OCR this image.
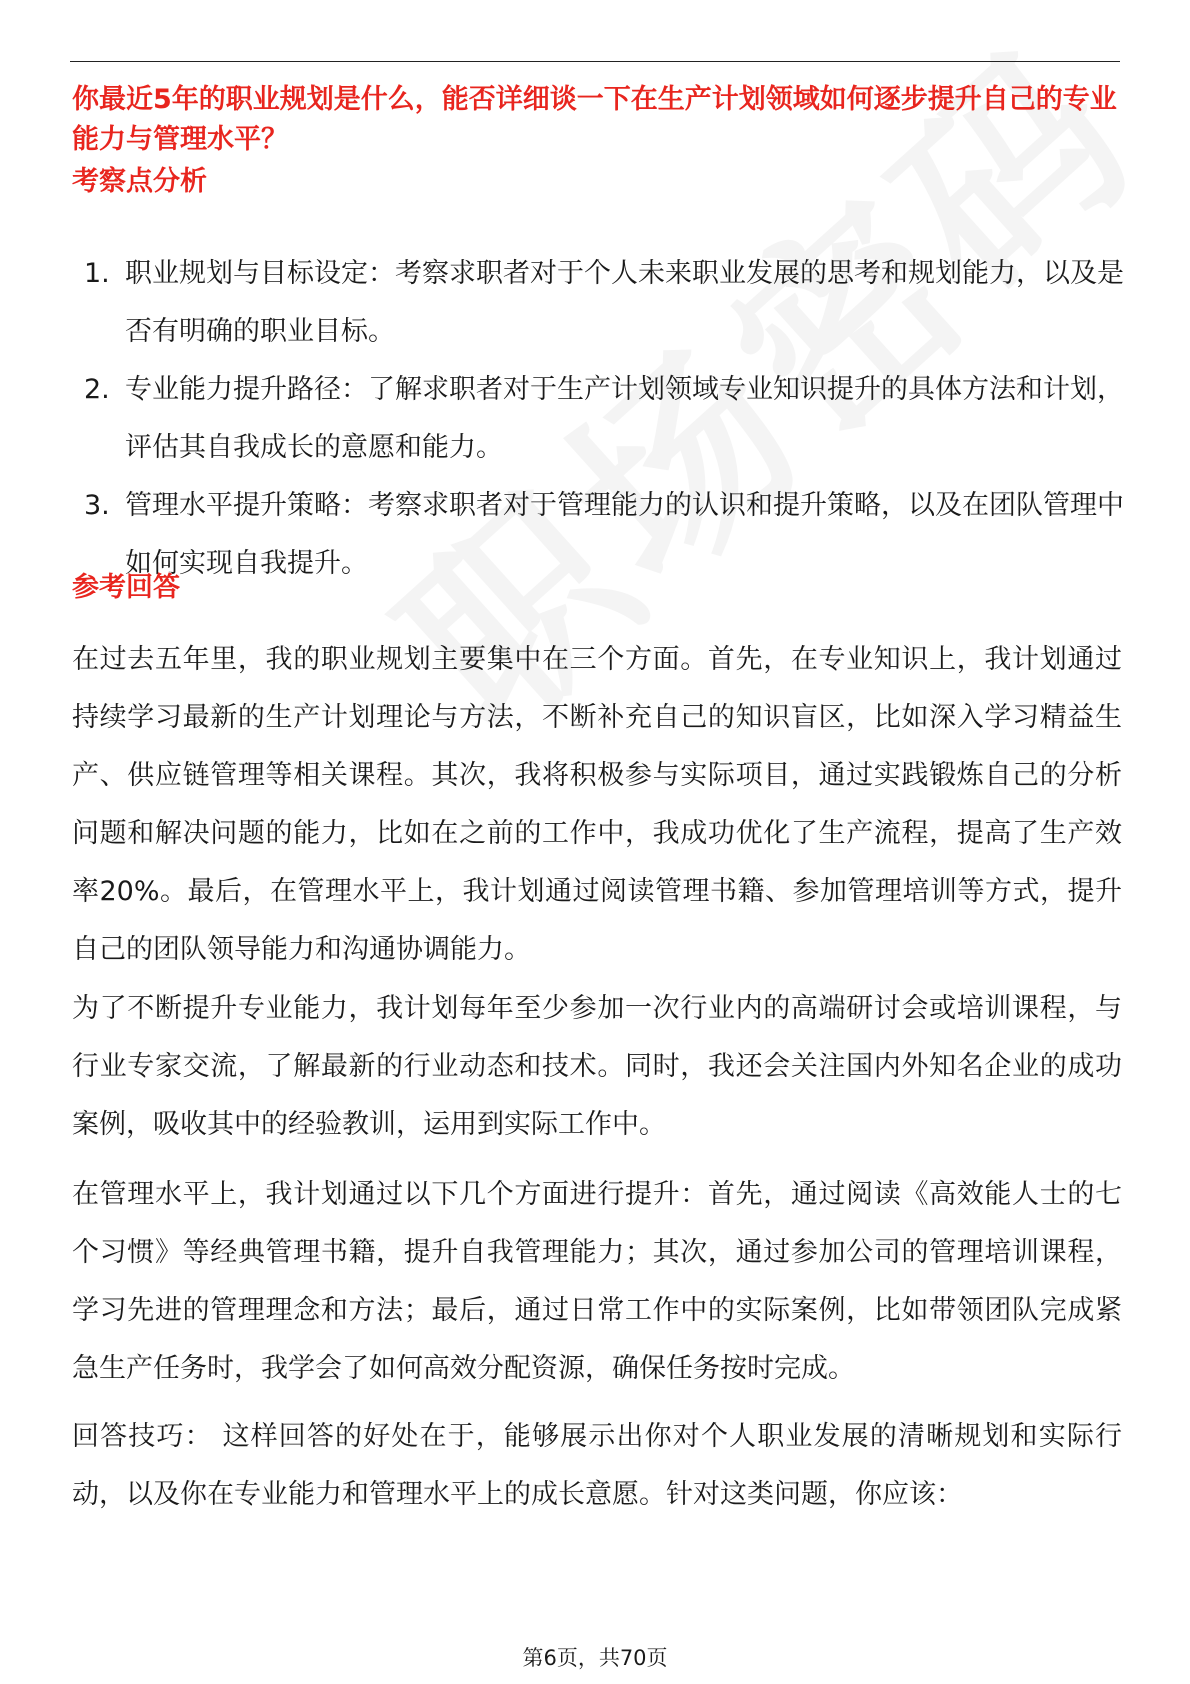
你最近5年的职业规划是什么，能否详细谈一下在生产计划领域如何逐步提升自己的专业能力与管理水平？
考察点分析
1. 职业规划与目标设定：考察求职者对于个人未来职业发展的思考和规划能力，以及是否有明确的职业目标。
2. 专业能力提升路径：了解求职者对于生产计划领域专业知识提升的具体方法和计划，评估其自我成长的意愿和能力。
3. 管理水平提升策略：考察求职者对于管理能力的认识和提升策略，以及在团队管理中如何实现自我提升。
参考回答

在过去五年里，我的职业规划主要集中在三个方面。首先，在专业知识上，我计划通过持续学习最新的生产计划理论与方法，不断补充自己的知识盲区，比如深入学习精益生产、供应链管理等相关课程。其次，我将积极参与实际项目，通过实践锻炼自己的分析问题和解决问题的能力，比如在之前的工作中，我成功优化了生产流程，提高了生产效率20%。最后，在管理水平上，我计划通过阅读管理书籍、参加管理培训等方式，提升自己的团队领导能力和沟通协调能力。

为了不断提升专业能力，我计划每年至少参加一次行业内的高端研讨会或培训课程，与行业专家交流，了解最新的行业动态和技术。同时，我还会关注国内外知名企业的成功案例，吸收其中的经验教训，运用到实际工作中。

在管理水平上，我计划通过以下几个方面进行提升：首先，通过阅读《高效能人士的七个习惯》等经典管理书籍，提升自我管理能力；其次，通过参加公司的管理培训课程，学习先进的管理理念和方法；最后，通过日常工作中的实际案例，比如带领团队完成紧急生产任务时，我学会了如何高效分配资源，确保任务按时完成。

回答技巧： 这样回答的好处在于，能够展示出你对个人职业发展的清晰规划和实际行动，以及你在专业能力和管理水平上的成长意愿。针对这类问题，你应该：

第6页，共70页
